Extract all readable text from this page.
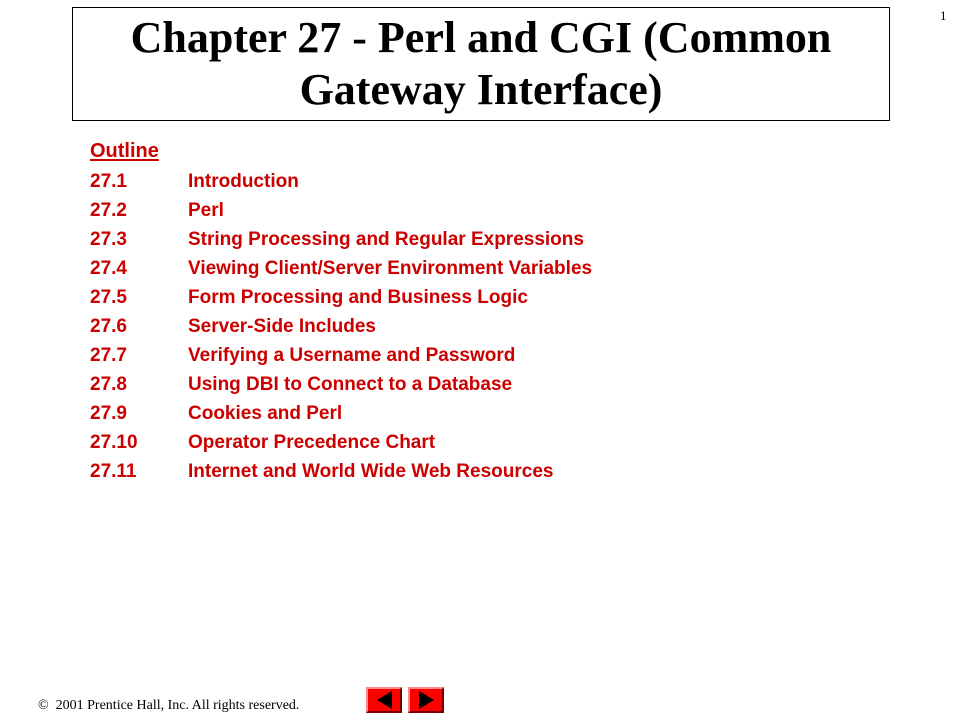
Chapter 27 - Perl and CGI (Common
Gateway Interface)
1
Outline
27.1	Introduction
27.2	Perl
27.3	String Processing and Regular Expressions
27.4	Viewing Client/Server Environment Variables
27.5	Form Processing and Business Logic
27.6	Server-Side Includes
27.7	Verifying a Username and Password
27.8	Using DBI to Connect to a Database
27.9	Cookies and Perl
27.10	Operator Precedence Chart
27.11	Internet and World Wide Web Resources
© 2001 Prentice Hall, Inc. All rights reserved.
